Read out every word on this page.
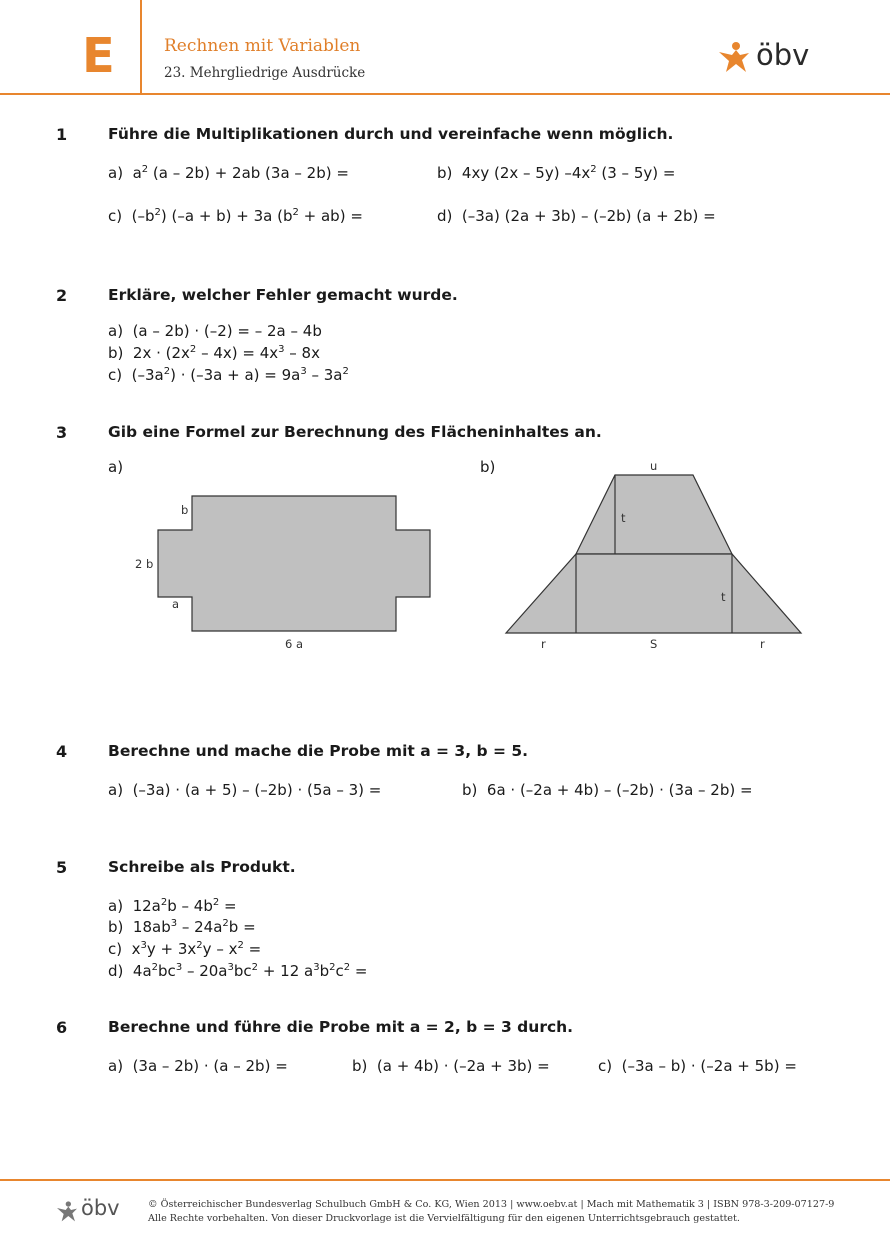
E	Rechnen mit Variablen
23. Mehrgliedrige Ausdrücke
öbv
1	Führe die Multiplikationen durch und vereinfache wenn möglich.
a)  $a^2$ (a – 2b) + 2ab (3a – 2b) =	b)  4xy (2x – 5y) $-4x^2$ (3 – 5y) =
c)  $(-b^2) (-a + b) + 3a$ $(b^2 + ab)$ =	d)  (–3a) (2a + 3b) – (–2b) (a + 2b) =
2	Erkläre, welcher Fehler gemacht wurde.
a)  (a – 2b) · (–2) = – 2a – 4b
b)  $2x \cdot (2x^2 - 4x) = 4x^3 - 8x$
c)  $(-3a^2) \cdot (-3a + a) = 9a^3 - 3a^2$
3	Gib eine Formel zur Berechnung des Flächeninhaltes an.
a)	b)
b
2 b
a
6 a
u
t
t
r	S	r
4	Berechne und mache die Probe mit a = 3, b = 5.
a)  (–3a) · (a + 5) – (–2b) · (5a – 3) =	b)  6a · (–2a + 4b) – (–2b) · (3a – 2b) =
5	Schreibe als Produkt.
a)  $12a^2b - 4b^2$ =
b)  $18ab^3 - 24a^2b$ =
c)  $x^3y + 3x^2y - x^2$ =
d)  $4a^2bc^3 - 20a^3bc^2 + 12$ $a^3b^2c^2$ =
6	Berechne und führe die Probe mit a = 2, b = 3 durch.
a)  (3a – 2b) · (a – 2b) =	b)  (a + 4b) · (–2a + 3b) =	c)  (–3a – b) · (–2a + 5b) =
öbv	© Österreichischer Bundesverlag Schulbuch GmbH & Co. KG, Wien 2013 | www.oebv.at | Mach mit Mathematik 3 | ISBN 978-3-209-07127-9
Alle Rechte vorbehalten. Von dieser Druckvorlage ist die Vervielfältigung für den eigenen Unterrichtsgebrauch gestattet.
